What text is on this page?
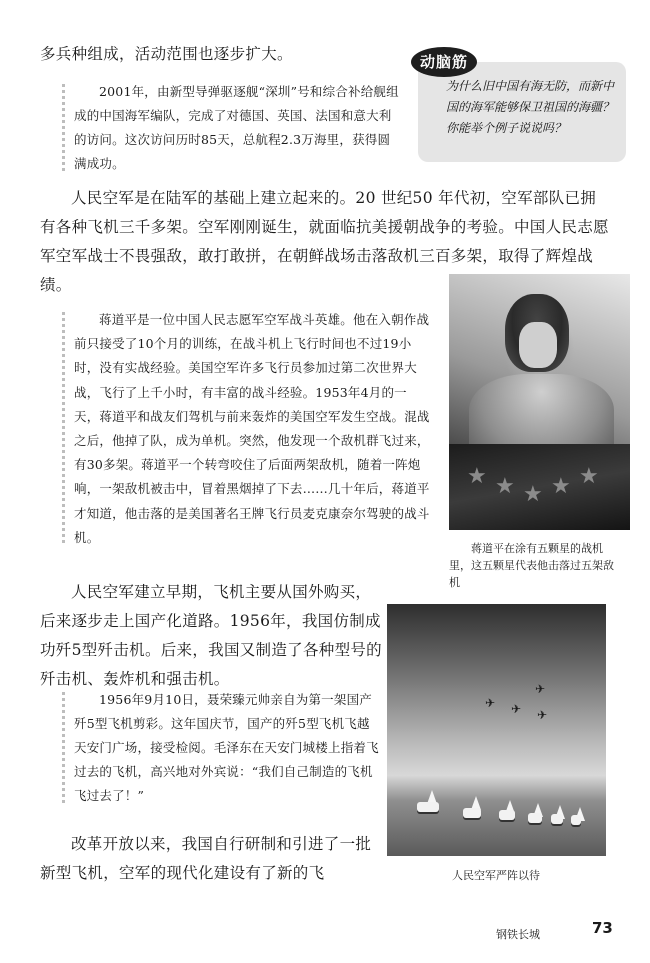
多兵种组成，活动范围也逐步扩大。

2001年，由新型导弹驱逐舰“深圳”号和综合补给舰组成的中国海军编队，完成了对德国、英国、法国和意大利的访问。这次访问历时85天，总航程2.3万海里，获得圆满成功。

动脑筋
为什么旧中国有海无防，而新中国的海军能够保卫祖国的海疆？你能举个例子说说吗？

人民空军是在陆军的基础上建立起来的。20 世纪50 年代初，空军部队已拥有各种飞机三千多架。空军刚刚诞生，就面临抗美援朝战争的考验。中国人民志愿军空军战士不畏强敌，敢打敢拼，在朝鲜战场击落敌机三百多架，取得了辉煌战绩。

蒋道平是一位中国人民志愿军空军战斗英雄。他在入朝作战前只接受了10个月的训练，在战斗机上飞行时间也不过19小时，没有实战经验。美国空军许多飞行员参加过第二次世界大战，飞行了上千小时，有丰富的战斗经验。1953年4月的一天，蒋道平和战友们驾机与前来轰炸的美国空军发生空战。混战之后，他掉了队，成为单机。突然，他发现一个敌机群飞过来，有30多架。蒋道平一个转弯咬住了后面两架敌机，随着一阵炮响，一架敌机被击中，冒着黑烟掉了下去……几十年后，蒋道平才知道，他击落的是美国著名王牌飞行员麦克康奈尔驾驶的战斗机。

★ ★ ★ ★ ★
蒋道平在涂有五颗星的战机里，这五颗星代表他击落过五架敌机

人民空军建立早期，飞机主要从国外购买，后来逐步走上国产化道路。1956年，我国仿制成功歼5型歼击机。后来，我国又制造了各种型号的歼击机、轰炸机和强击机。

1956年9月10日，聂荣臻元帅亲自为第一架国产歼5型飞机剪彩。这年国庆节，国产的歼5型飞机飞越天安门广场，接受检阅。毛泽东在天安门城楼上指着飞过去的飞机，高兴地对外宾说：“我们自己制造的飞机飞过去了！”

✈
✈ ✈ ✈
人民空军严阵以待

改革开放以来，我国自行研制和引进了一批新型飞机，空军的现代化建设有了新的飞

钢铁长城	73
